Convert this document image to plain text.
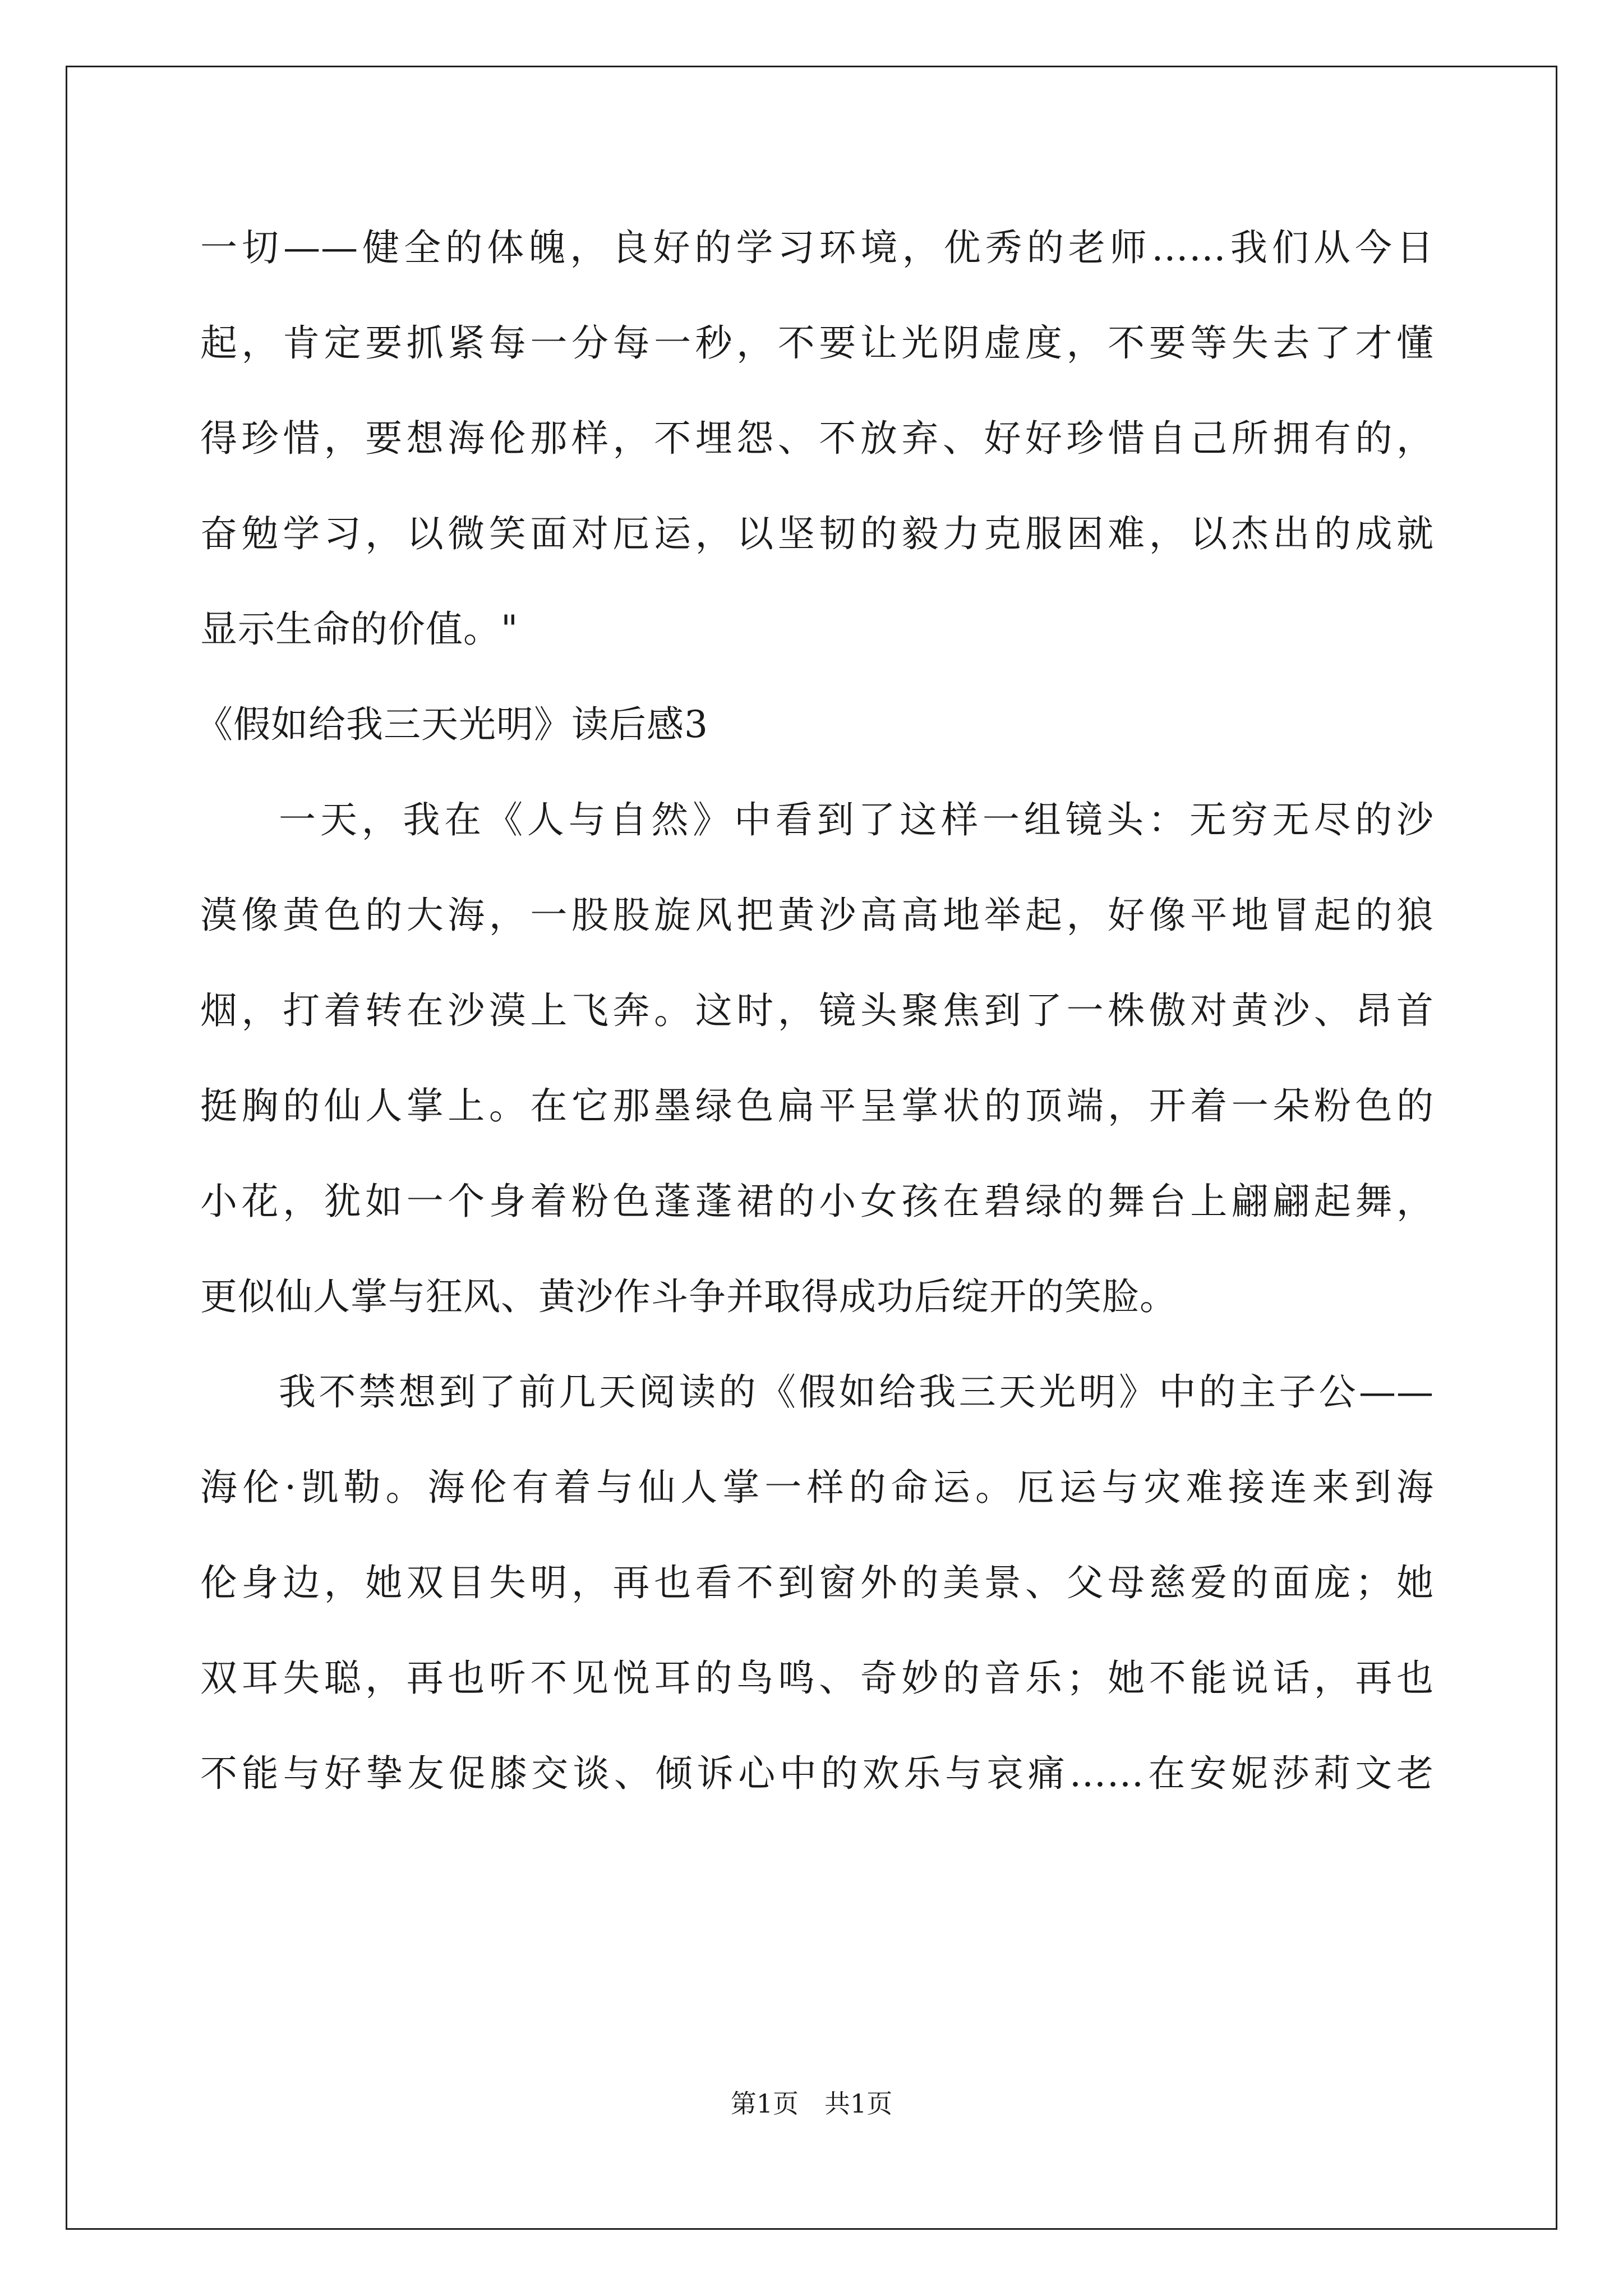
一切——健全的体魄，良好的学习环境，优秀的老师……我们从今日
起，肯定要抓紧每一分每一秒，不要让光阴虚度，不要等失去了才懂
得珍惜，要想海伦那样，不埋怨、不放弃、好好珍惜自己所拥有的，
奋勉学习，以微笑面对厄运，以坚韧的毅力克服困难，以杰出的成就
显示生命的价值。"
《假如给我三天光明》读后感3
一天，我在《人与自然》中看到了这样一组镜头：无穷无尽的沙
漠像黄色的大海，一股股旋风把黄沙高高地举起，好像平地冒起的狼
烟，打着转在沙漠上飞奔。这时，镜头聚焦到了一株傲对黄沙、昂首
挺胸的仙人掌上。在它那墨绿色扁平呈掌状的顶端，开着一朵粉色的
小花，犹如一个身着粉色蓬蓬裙的小女孩在碧绿的舞台上翩翩起舞，
更似仙人掌与狂风、黄沙作斗争并取得成功后绽开的笑脸。
我不禁想到了前几天阅读的《假如给我三天光明》中的主子公——
海伦·凯勒。海伦有着与仙人掌一样的命运。厄运与灾难接连来到海
伦身边，她双目失明，再也看不到窗外的美景、父母慈爱的面庞；她
双耳失聪，再也听不见悦耳的鸟鸣、奇妙的音乐；她不能说话，再也
不能与好挚友促膝交谈、倾诉心中的欢乐与哀痛……在安妮莎莉文老
第1页　共1页
